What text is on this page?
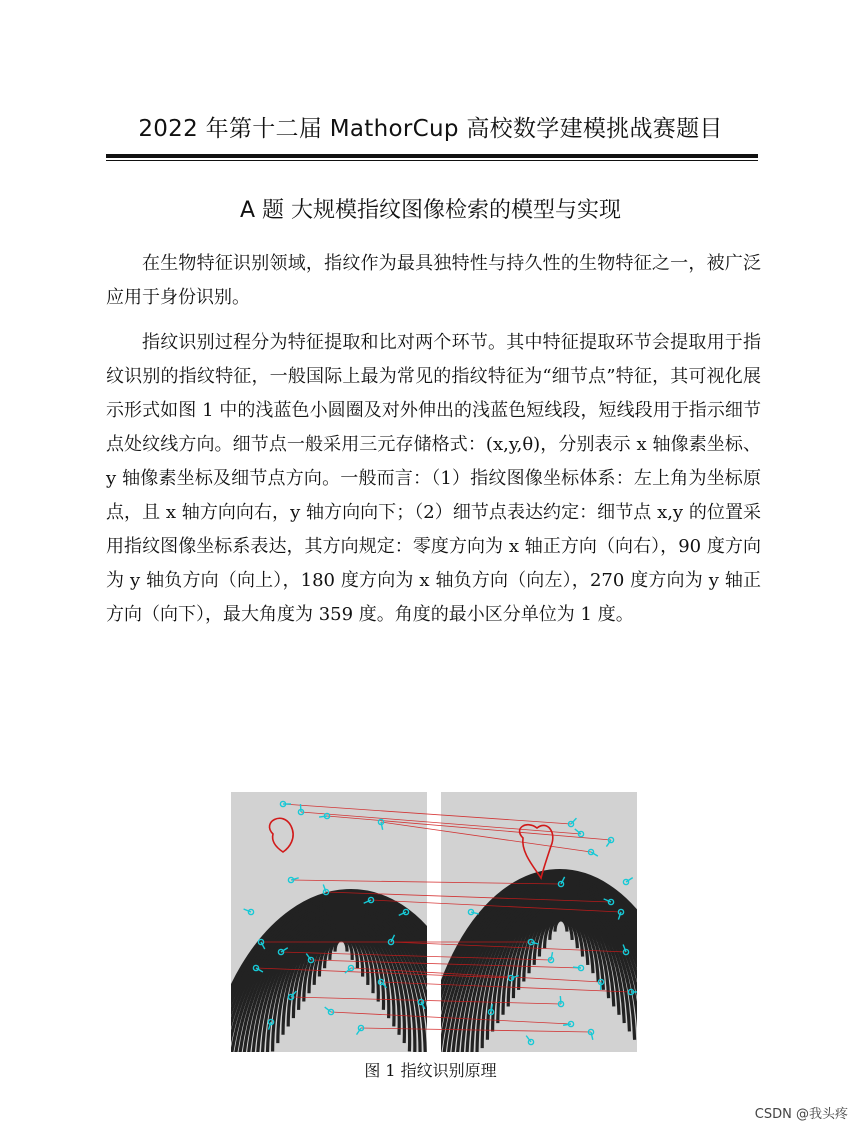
2022 年第十二届 MathorCup 高校数学建模挑战赛题目
A 题 大规模指纹图像检索的模型与实现

在生物特征识别领域，指纹作为最具独特性与持久性的生物特征之一，被广泛应用于身份识别。

指纹识别过程分为特征提取和比对两个环节。其中特征提取环节会提取用于指纹识别的指纹特征，一般国际上最为常见的指纹特征为“细节点”特征，其可视化展示形式如图 1 中的浅蓝色小圆圈及对外伸出的浅蓝色短线段，短线段用于指示细节点处纹线方向。细节点一般采用三元存储格式：(x,y,θ)，分别表示 x 轴像素坐标、y 轴像素坐标及细节点方向。一般而言：（1）指纹图像坐标体系：左上角为坐标原点，且 x 轴方向向右，y 轴方向向下；（2）细节点表达约定：细节点 x,y 的位置采用指纹图像坐标系表达，其方向规定：零度方向为 x 轴正方向（向右），90 度方向为 y 轴负方向（向上），180 度方向为 x 轴负方向（向左），270 度方向为 y 轴正方向（向下），最大角度为 359 度。角度的最小区分单位为 1 度。

图 1 指纹识别原理
CSDN @我头疼
